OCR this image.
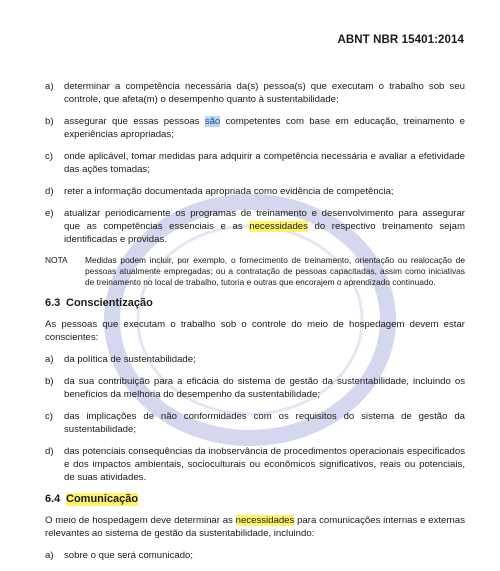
ABNT NBR 15401:2014
a)	determinar a competência necessária da(s) pessoa(s) que executam o trabalho sob seu controle, que afeta(m) o desempenho quanto à sustentabilidade;
b)	assegurar que essas pessoas são competentes com base em educação, treinamento e experiências apropriadas;
c)	onde aplicável, tomar medidas para adquirir a competência necessária e avaliar a efetividade das ações tomadas;
d)	reter a informação documentada apropriada como evidência de competência;
e)	atualizar periodicamente os programas de treinamento e desenvolvimento para assegurar que as competências essenciais e as necessidades do respectivo treinamento sejam identificadas e providas.
NOTA	Medidas podem incluir, por exemplo, o fornecimento de treinamento, orientação ou realocação de pessoas atualmente empregadas; ou a contratação de pessoas capacitadas, assim como iniciativas de treinamento no local de trabalho, tutoria e outras que encorajem o aprendizado continuado.
6.3 Conscientização
As pessoas que executam o trabalho sob o controle do meio de hospedagem devem estar conscientes:
a)	da política de sustentabilidade;
b)	da sua contribuição para a eficácia do sistema de gestão da sustentabilidade, incluindo os benefícios da melhoria do desempenho da sustentabilidade;
c)	das implicações de não conformidades com os requisitos do sistema de gestão da sustentabilidade;
d)	das potenciais consequências da inobservância de procedimentos operacionais especificados e dos impactos ambientais, socioculturais ou econômicos significativos, reais ou potenciais, de suas atividades.
6.4 Comunicação
O meio de hospedagem deve determinar as necessidades para comunicações internas e externas relevantes ao sistema de gestão da sustentabilidade, incluindo:
a)	sobre o que será comunicado;
